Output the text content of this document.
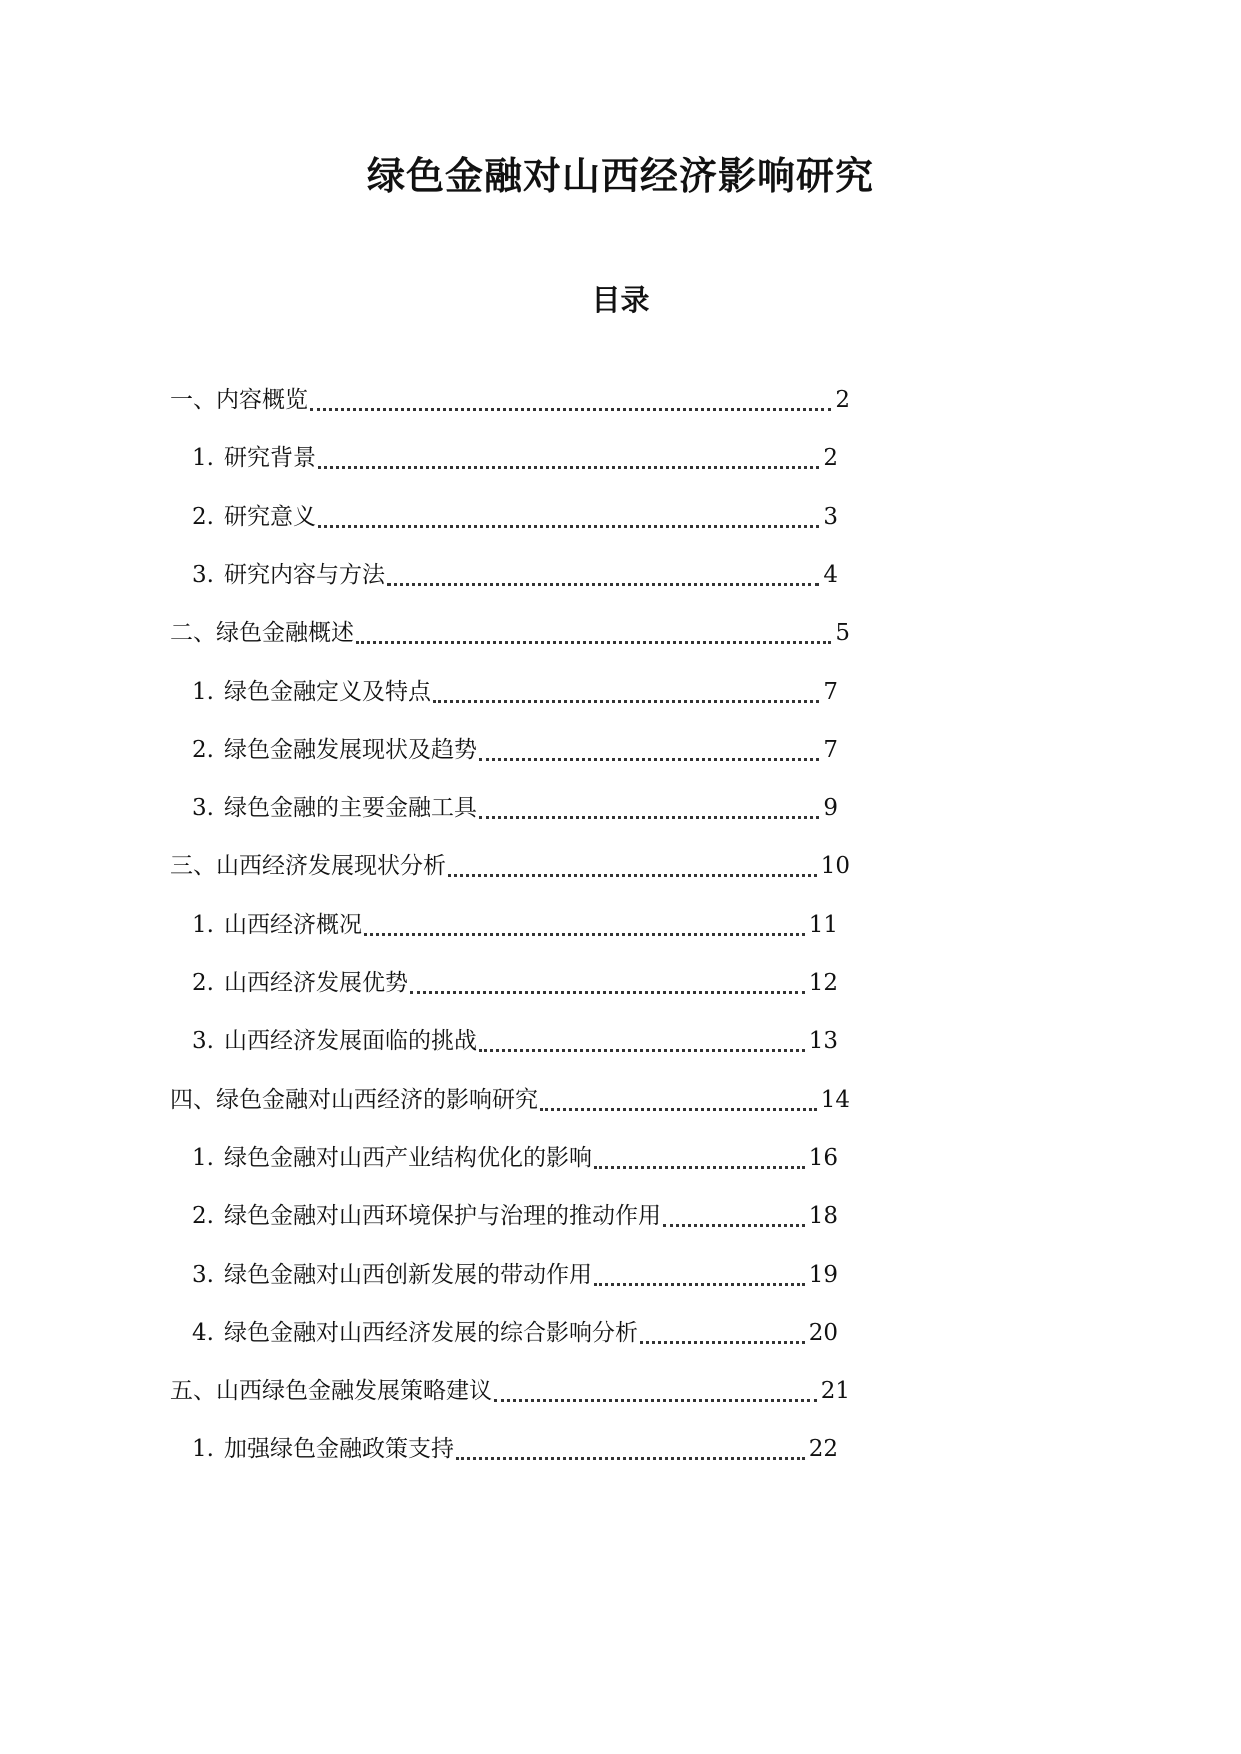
绿色金融对山西经济影响研究
目录
一、内容概览	2
1. 研究背景	2
2. 研究意义	3
3. 研究内容与方法	4
二、绿色金融概述	5
1. 绿色金融定义及特点	7
2. 绿色金融发展现状及趋势	7
3. 绿色金融的主要金融工具	9
三、山西经济发展现状分析	10
1. 山西经济概况	11
2. 山西经济发展优势	12
3. 山西经济发展面临的挑战	13
四、绿色金融对山西经济的影响研究	14
1. 绿色金融对山西产业结构优化的影响	16
2. 绿色金融对山西环境保护与治理的推动作用	18
3. 绿色金融对山西创新发展的带动作用	19
4. 绿色金融对山西经济发展的综合影响分析	20
五、山西绿色金融发展策略建议	21
1. 加强绿色金融政策支持	22
